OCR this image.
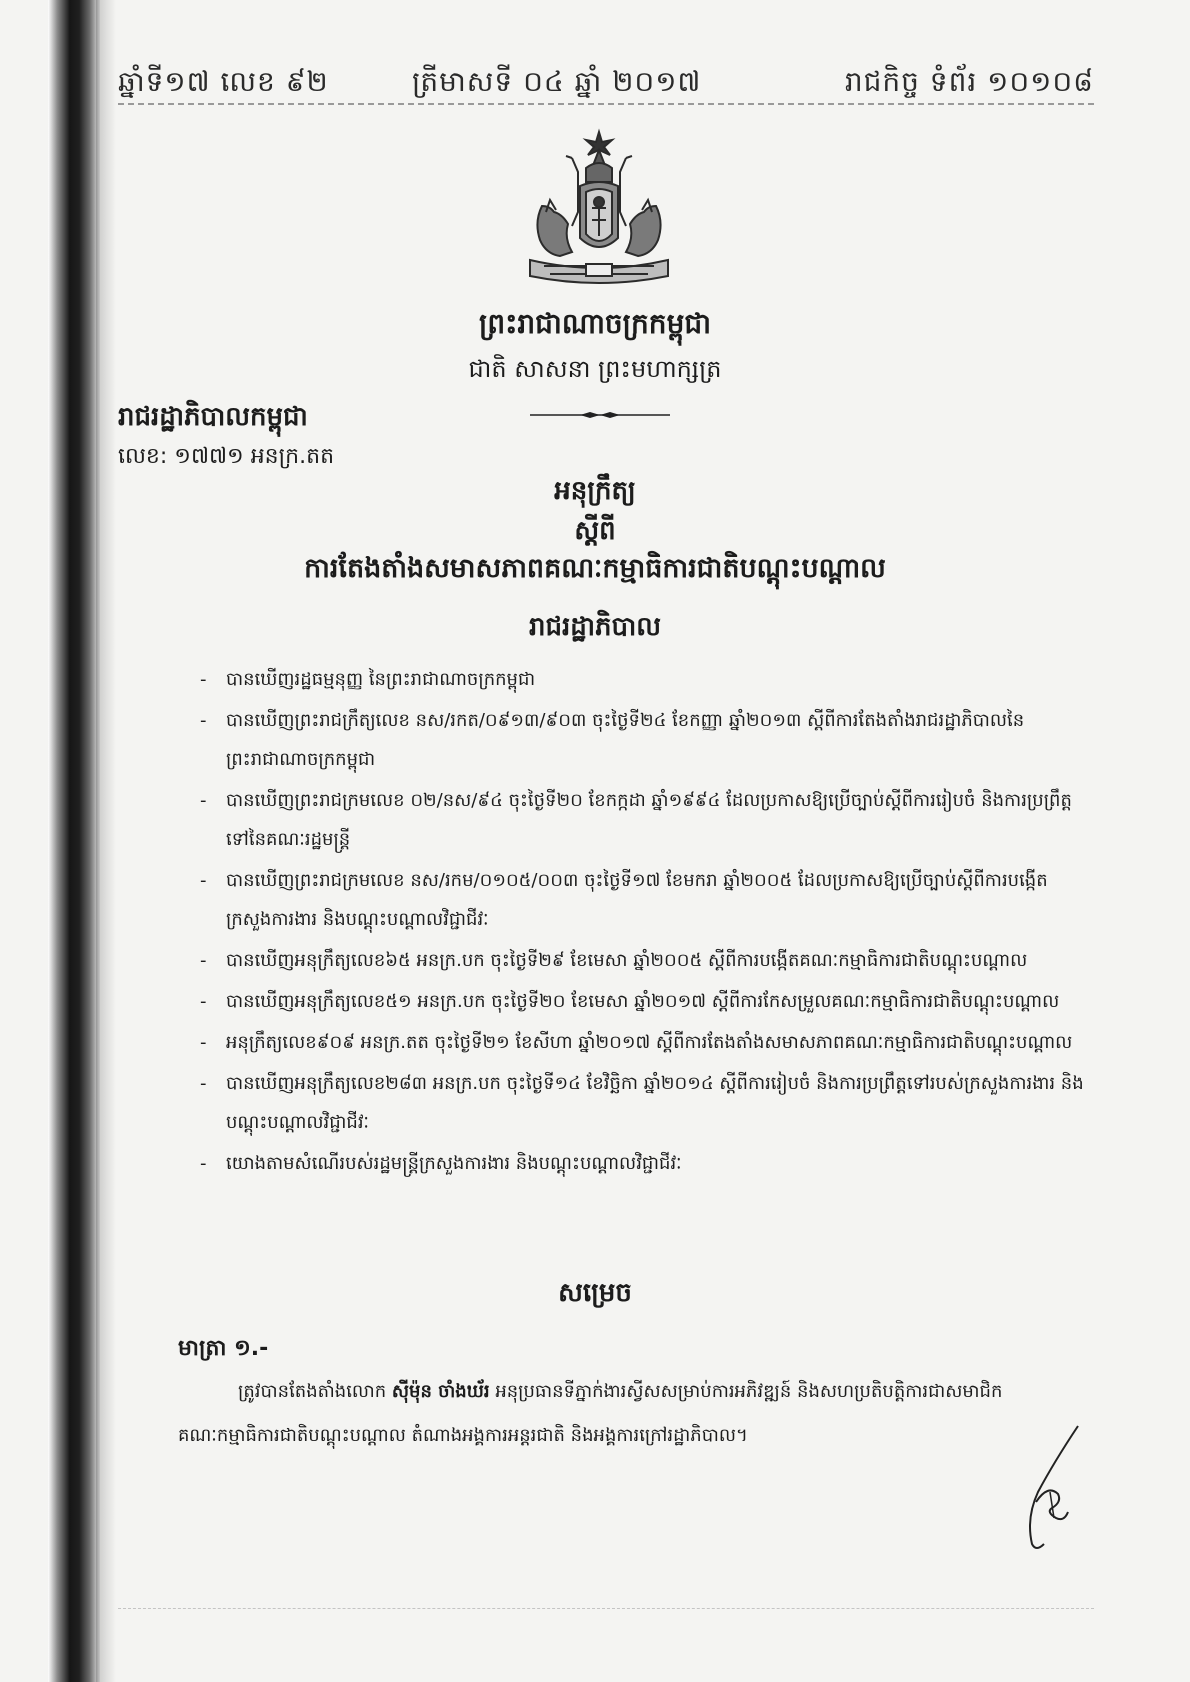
ឆ្នាំទី១៧ លេខ ៩២	ត្រីមាសទី ០៤ ឆ្នាំ ២០១៧	រាជកិច្ច ទំព័រ ១០១០៨
ព្រះរាជាណាចក្រកម្ពុជា
ជាតិ សាសនា ព្រះមហាក្សត្រ
រាជរដ្ឋាភិបាលកម្ពុជា
លេខ: ១៧៧១ អនក្រ.តត
អនុក្រឹត្យ
ស្តីពី
ការតែងតាំងសមាសភាពគណៈកម្មាធិការជាតិបណ្តុះបណ្តាល
រាជរដ្ឋាភិបាល
- បានឃើញរដ្ឋធម្មនុញ្ញ នៃព្រះរាជាណាចក្រកម្ពុជា
- បានឃើញព្រះរាជក្រឹត្យលេខ នស/រកត/០៩១៣/៩០៣ ចុះថ្ងៃទី២៤ ខែកញ្ញា ឆ្នាំ២០១៣ ស្តីពីការតែងតាំងរាជរដ្ឋាភិបាលនៃព្រះរាជាណាចក្រកម្ពុជា
- បានឃើញព្រះរាជក្រមលេខ ០២/នស/៩៤ ចុះថ្ងៃទី២០ ខែកក្កដា ឆ្នាំ១៩៩៤ ដែលប្រកាសឱ្យប្រើច្បាប់ស្តីពីការរៀបចំ និងការប្រព្រឹត្តទៅនៃគណៈរដ្ឋមន្ត្រី
- បានឃើញព្រះរាជក្រមលេខ នស/រកម/០១០៥/០០៣ ចុះថ្ងៃទី១៧ ខែមករា ឆ្នាំ២០០៥ ដែលប្រកាសឱ្យប្រើច្បាប់ស្តីពីការបង្កើតក្រសួងការងារ និងបណ្តុះបណ្តាលវិជ្ជាជីវៈ
- បានឃើញអនុក្រឹត្យលេខ៦៥ អនក្រ.បក ចុះថ្ងៃទី២៩ ខែមេសា ឆ្នាំ២០០៥ ស្តីពីការបង្កើតគណៈកម្មាធិការជាតិបណ្តុះបណ្តាល
- បានឃើញអនុក្រឹត្យលេខ៥១ អនក្រ.បក ចុះថ្ងៃទី២០ ខែមេសា ឆ្នាំ២០១៧ ស្តីពីការកែសម្រួលគណៈកម្មាធិការជាតិបណ្តុះបណ្តាល
- អនុក្រឹត្យលេខ៩០៩ អនក្រ.តត ចុះថ្ងៃទី២១ ខែសីហា ឆ្នាំ២០១៧ ស្តីពីការតែងតាំងសមាសភាពគណៈកម្មាធិការជាតិបណ្តុះបណ្តាល
- បានឃើញអនុក្រឹត្យលេខ២៨៣ អនក្រ.បក ចុះថ្ងៃទី១៤ ខែវិច្ឆិកា ឆ្នាំ២០១៤ ស្តីពីការរៀបចំ និងការប្រព្រឹត្តទៅរបស់ក្រសួងការងារ និងបណ្តុះបណ្តាលវិជ្ជាជីវៈ
- យោងតាមសំណើរបស់រដ្ឋមន្ត្រីក្រសួងការងារ និងបណ្តុះបណ្តាលវិជ្ជាជីវៈ
សម្រេច
មាត្រា ១.-
ត្រូវបានតែងតាំងលោក ស៊ីម៉ុន ចាំងឃ័រ អនុប្រធានទីភ្នាក់ងារស្វីសសម្រាប់ការអភិវឌ្ឍន៍ និងសហប្រតិបត្តិការជាសមាជិកគណៈកម្មាធិការជាតិបណ្តុះបណ្តាល តំណាងអង្គការអន្តរជាតិ និងអង្គការក្រៅរដ្ឋាភិបាល។
